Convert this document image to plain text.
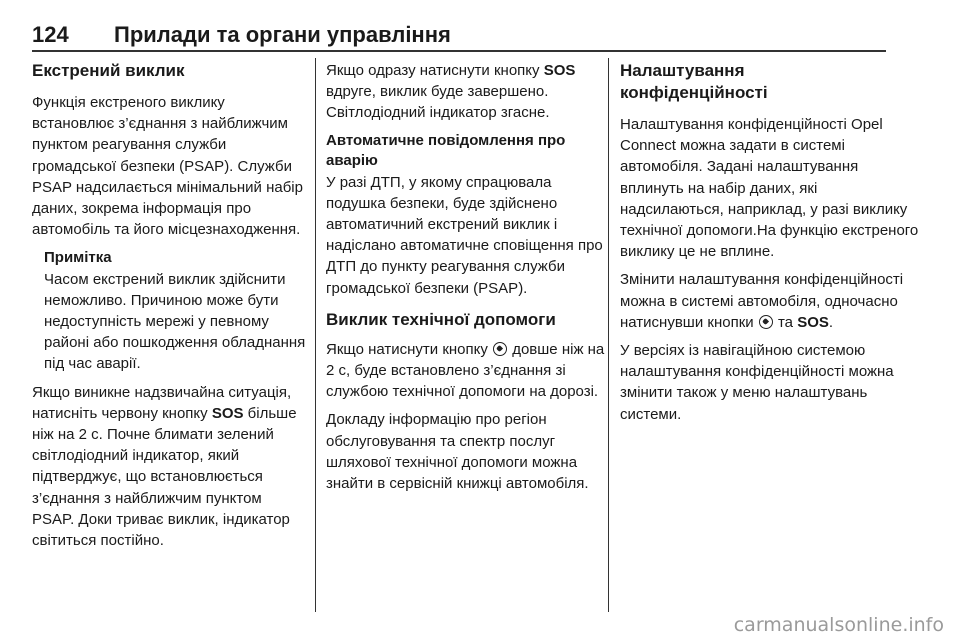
124 Прилади та органи управління
Екстрений виклик

Функція екстреного виклику встановлює з’єднання з найближчим пунктом реагування служби громадської безпеки (PSAP). Служби PSAP надсилається мінімальний набір даних, зокрема інформація про автомобіль та його місцезнаходження.

Примітка

Часом екстрений виклик здійснити неможливо. Причиною може бути недоступність мережі у певному районі або пошкодження обладнання під час аварії.

Якщо виникне надзвичайна ситуація, натисніть червону кнопку SOS більше ніж на 2 с. Почне блимати зелений світлодіодний індикатор, який підтверджує, що встановлюється з’єднання з найближчим пунктом PSAP. Доки триває виклик, індикатор світиться постійно.

Якщо одразу натиснути кнопку SOS вдруге, виклик буде завершено. Світлодіодний індикатор згасне.

Автоматичне повідомлення про аварію

У разі ДТП, у якому спрацювала подушка безпеки, буде здійснено автоматичний екстрений виклик і надіслано автоматичне сповіщення про ДТП до пункту реагування служби громадської безпеки (PSAP).

Виклик технічної допомоги

Якщо натиснути кнопку  довше ніж на 2 с, буде встановлено з’єднання зі службою технічної допомоги на дорозі.

Докладу інформацію про регіон обслуговування та спектр послуг шляхової технічної допомоги можна знайти в сервісній книжці автомобіля.

Налаштування
конфіденційності

Налаштування конфіденційності Opel Connect можна задати в системі автомобіля. Задані налаштування вплинуть на набір даних, які надсилаються, наприклад, у разі виклику технічної допомоги.На функцію екстреного виклику це не вплине.

Змінити налаштування конфіденційності можна в системі автомобіля, одночасно натиснувши кнопки  та SOS.

У версіях із навігаційною системою налаштування конфіденційності можна змінити також у меню налаштувань системи.

carmanualsonline.info
